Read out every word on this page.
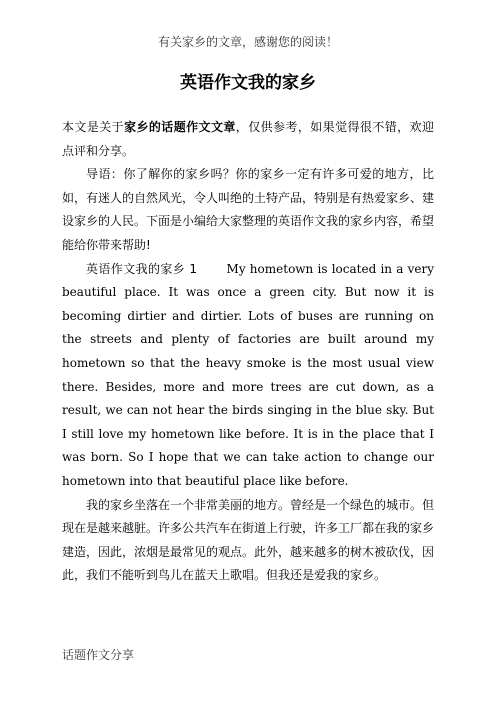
有关家乡的文章，感谢您的阅读！
英语作文我的家乡

本文是关于家乡的话题作文文章，仅供参考，如果觉得很不错，欢迎点评和分享。

导语：你了解你的家乡吗？你的家乡一定有许多可爱的地方，比如，有迷人的自然风光，令人叫绝的土特产品，特别是有热爱家乡、建设家乡的人民。下面是小编给大家整理的英语作文我的家乡内容，希望能给你带来帮助!

英语作文我的家乡 1 My hometown is located in a very beautiful place. It was once a green city. But now it is becoming dirtier and dirtier. Lots of buses are running on the streets and plenty of factories are built around my hometown so that the heavy smoke is the most usual view there. Besides, more and more trees are cut down, as a result, we can not hear the birds singing in the blue sky. But I still love my hometown like before. It is in the place that I was born. So I hope that we can take action to change our hometown into that beautiful place like before.

我的家乡坐落在一个非常美丽的地方。曾经是一个绿色的城市。但现在是越来越脏。许多公共汽车在街道上行驶，许多工厂都在我的家乡建造，因此，浓烟是最常见的观点。此外，越来越多的树木被砍伐，因此，我们不能听到鸟儿在蓝天上歌唱。但我还是爱我的家乡。

话题作文分享
